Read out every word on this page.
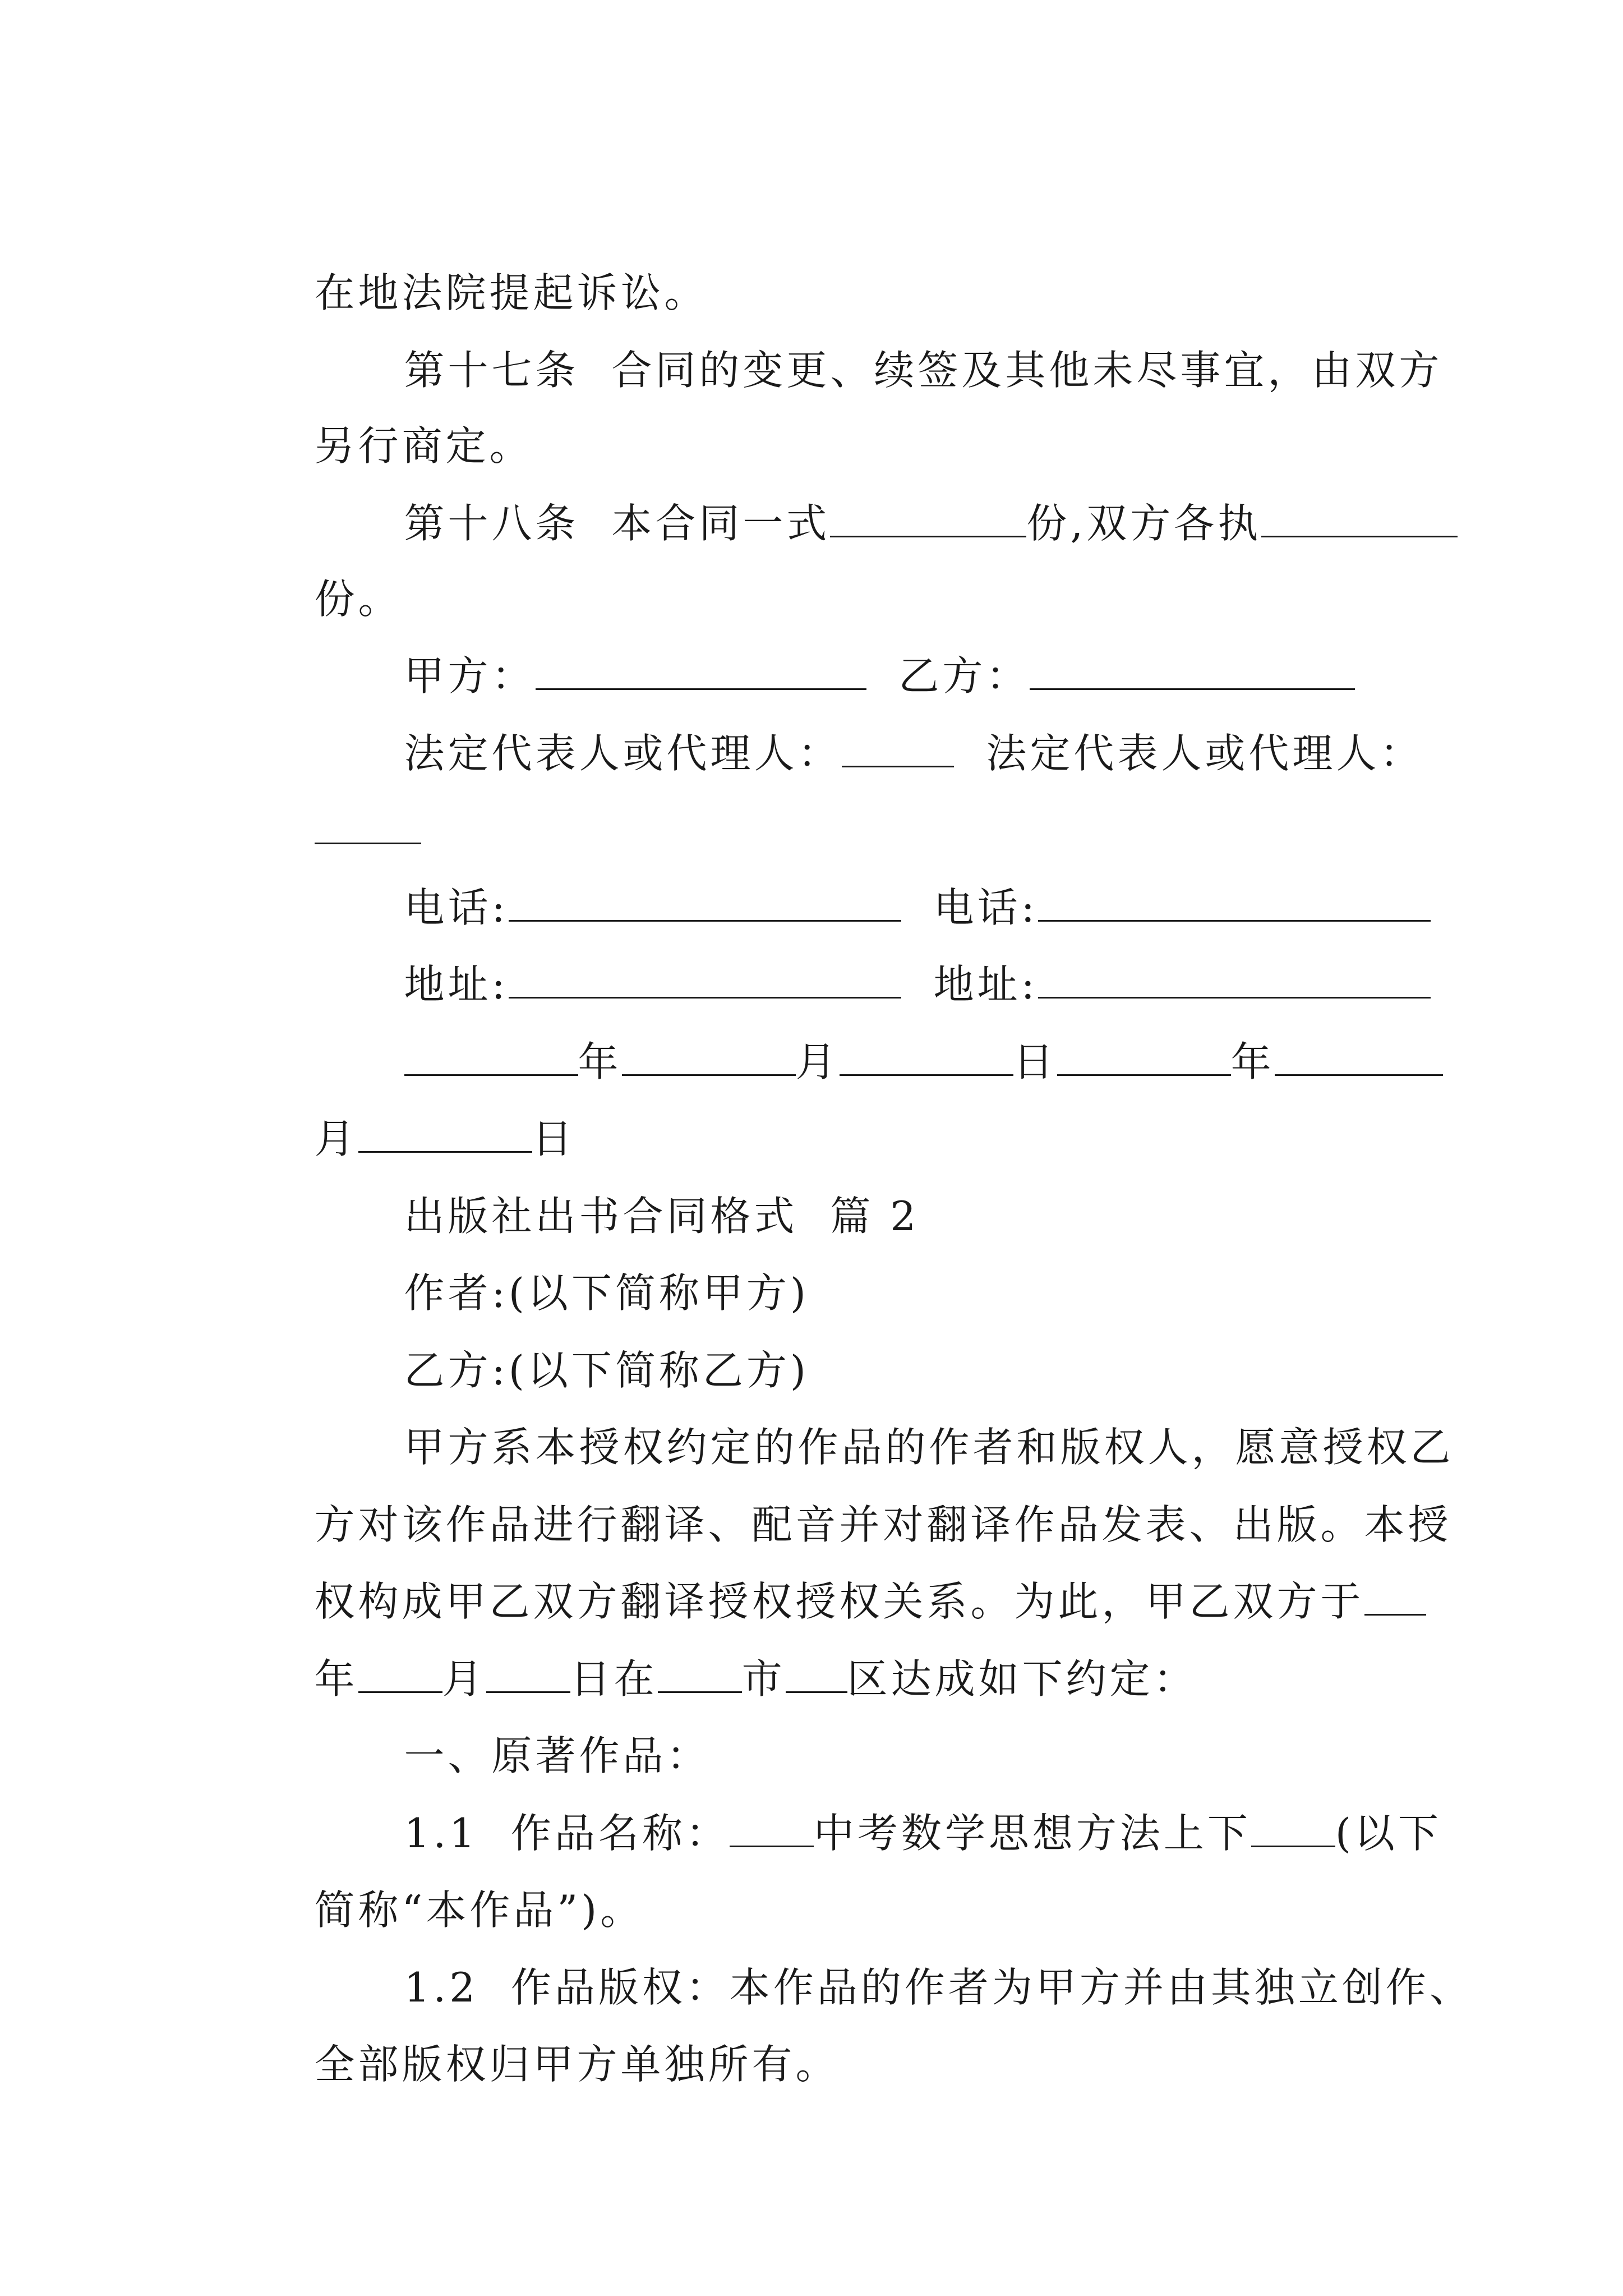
在地法院提起诉讼。

第十七条  合同的变更、续签及其他未尽事宜，由双方

另行商定。

第十八条  本合同一式	份,双方各执

份。

甲方：	乙方：

法定代表人或代理人：	法定代表人或代理人：

电话:	电话:

地址:	地址:

年	月	日	年

月	日

出版社出书合同格式  篇 2

作者:(以下简称甲方)

乙方:(以下简称乙方)

甲方系本授权约定的作品的作者和版权人，愿意授权乙

方对该作品进行翻译、配音并对翻译作品发表、出版。本授

权构成甲乙双方翻译授权授权关系。为此，甲乙双方于

年 月 日在 市 区达成如下约定：

一、原著作品：

1.1  作品名称： 中考数学思想方法上下 (以下

简称“本作品”)。

1.2  作品版权：本作品的作者为甲方并由其独立创作、

全部版权归甲方单独所有。
